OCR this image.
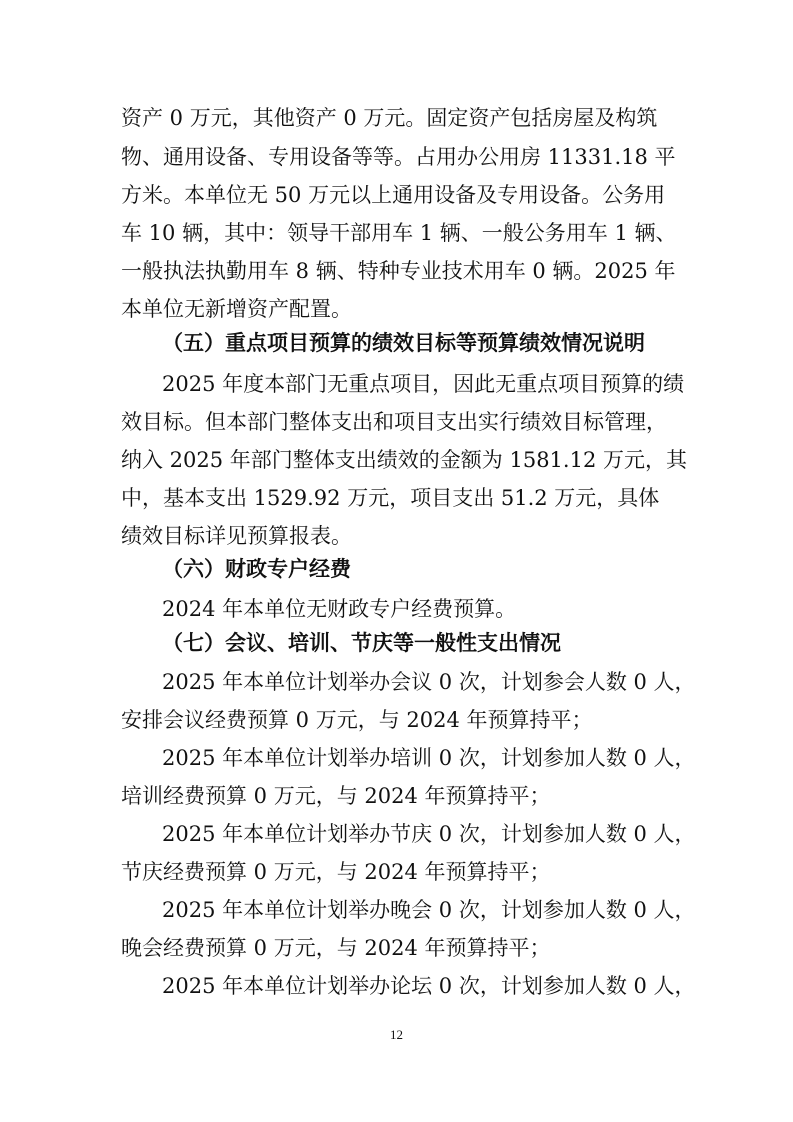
资产 0 万元，其他资产 0 万元。固定资产包括房屋及构筑
物、通用设备、专用设备等等。占用办公用房 11331.18 平
方米。本单位无 50 万元以上通用设备及专用设备。公务用
车 10 辆，其中：领导干部用车 1 辆、一般公务用车 1 辆、
一般执法执勤用车 8 辆、特种专业技术用车 0 辆。2025 年
本单位无新增资产配置。
（五）重点项目预算的绩效目标等预算绩效情况说明
2025 年度本部门无重点项目，因此无重点项目预算的绩
效目标。但本部门整体支出和项目支出实行绩效目标管理，
纳入 2025 年部门整体支出绩效的金额为 1581.12 万元，其
中，基本支出 1529.92 万元，项目支出 51.2 万元，具体
绩效目标详见预算报表。
（六）财政专户经费
2024 年本单位无财政专户经费预算。
（七）会议、培训、节庆等一般性支出情况
2025 年本单位计划举办会议 0 次，计划参会人数 0 人，
安排会议经费预算 0 万元，与 2024 年预算持平；
2025 年本单位计划举办培训 0 次，计划参加人数 0 人，
培训经费预算 0 万元，与 2024 年预算持平；
2025 年本单位计划举办节庆 0 次，计划参加人数 0 人，
节庆经费预算 0 万元，与 2024 年预算持平；
2025 年本单位计划举办晚会 0 次，计划参加人数 0 人，
晚会经费预算 0 万元，与 2024 年预算持平；
2025 年本单位计划举办论坛 0 次，计划参加人数 0 人，
12
